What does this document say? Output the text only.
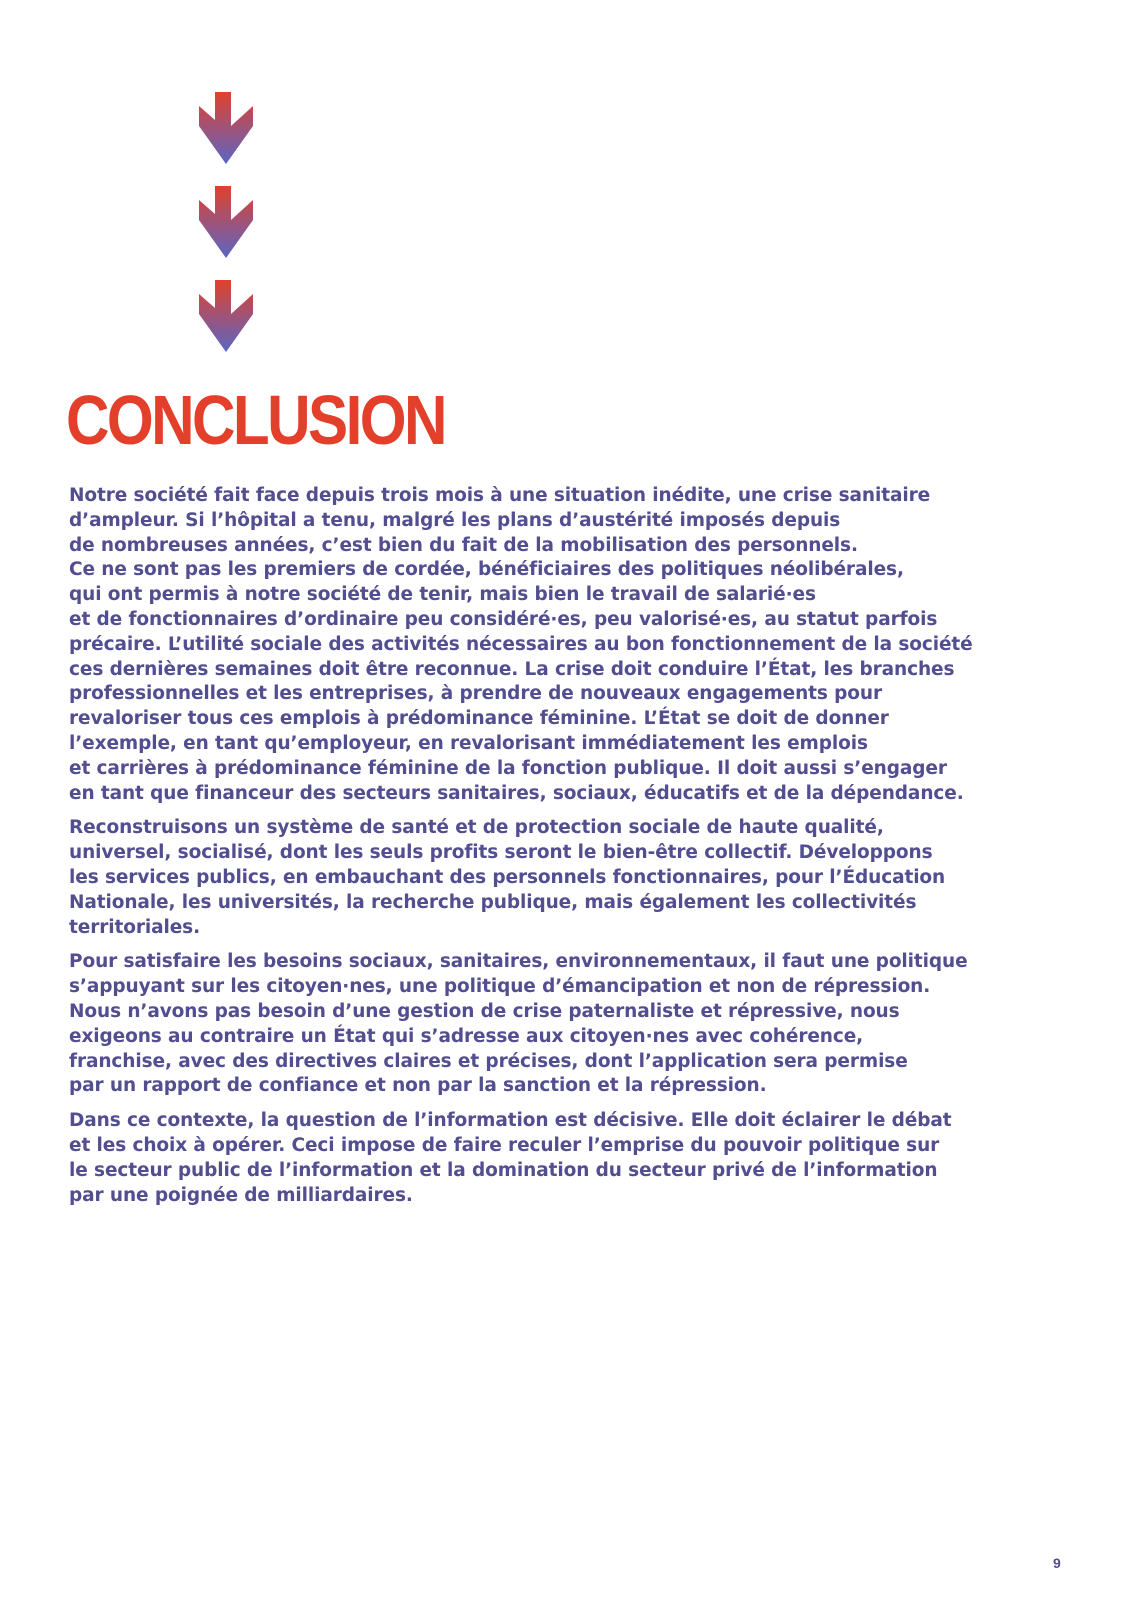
CONCLUSION

Notre société fait face depuis trois mois à une situation inédite, une crise sanitaire
d’ampleur. Si l’hôpital a tenu, malgré les plans d’austérité imposés depuis
de nombreuses années, c’est bien du fait de la mobilisation des personnels.
Ce ne sont pas les premiers de cordée, bénéficiaires des politiques néolibérales,
qui ont permis à notre société de tenir, mais bien le travail de salarié·es
et de fonctionnaires d’ordinaire peu considéré·es, peu valorisé·es, au statut parfois
précaire. L’utilité sociale des activités nécessaires au bon fonctionnement de la société
ces dernières semaines doit être reconnue. La crise doit conduire l’État, les branches
professionnelles et les entreprises, à prendre de nouveaux engagements pour
revaloriser tous ces emplois à prédominance féminine. L’État se doit de donner
l’exemple, en tant qu’employeur, en revalorisant immédiatement les emplois
et carrières à prédominance féminine de la fonction publique. Il doit aussi s’engager
en tant que financeur des secteurs sanitaires, sociaux, éducatifs et de la dépendance.

Reconstruisons un système de santé et de protection sociale de haute qualité,
universel, socialisé, dont les seuls profits seront le bien-être collectif. Développons
les services publics, en embauchant des personnels fonctionnaires, pour l’Éducation
Nationale, les universités, la recherche publique, mais également les collectivités
territoriales.

Pour satisfaire les besoins sociaux, sanitaires, environnementaux, il faut une politique
s’appuyant sur les citoyen·nes, une politique d’émancipation et non de répression.
Nous n’avons pas besoin d’une gestion de crise paternaliste et répressive, nous
exigeons au contraire un État qui s’adresse aux citoyen·nes avec cohérence,
franchise, avec des directives claires et précises, dont l’application sera permise
par un rapport de confiance et non par la sanction et la répression.

Dans ce contexte, la question de l’information est décisive. Elle doit éclairer le débat
et les choix à opérer. Ceci impose de faire reculer l’emprise du pouvoir politique sur
le secteur public de l’information et la domination du secteur privé de l’information
par une poignée de milliardaires.

9
